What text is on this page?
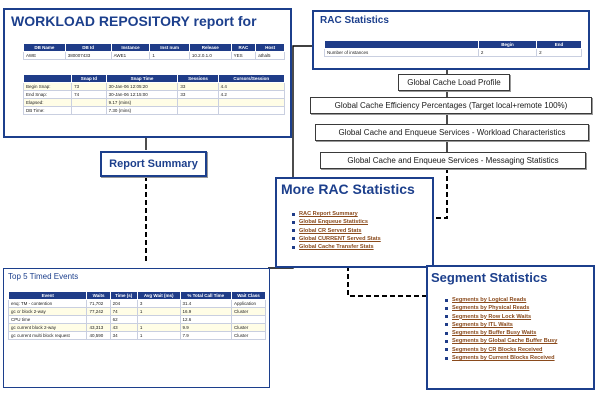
WORKLOAD REPOSITORY report for
DB Name	DB Id	Instance	Inst num	Release	RAC	Host
AWE	380007433	AWE1	1	10.2.0.1.0	YES	athal5
	Snap Id	Snap Time	Sessions	Cursors/Session
Begin Snap:	73	30-Jan-06 12:05:20	33	4.4
End Snap:	74	30-Jan-06 12:15:00	33	4.2
Elapsed:		9.17 (mins)		
DB Time:		7.30 (mins)		
Report Summary
RAC Statistics
	Begin	End
Number of instances	2	2
Global Cache Load Profile
Global Cache Efficiency Percentages (Target local+remote 100%)
Global Cache and Enqueue Services - Workload Characteristics
Global Cache and Enqueue Services - Messaging Statistics
More RAC Statistics
RAC Report Summary
Global Enqueue Statistics
Global CR Served Stats
Global CURRENT Served Stats
Global Cache Transfer Stats
Top 5 Timed Events
Event	Waits	Time (s)	Avg Wait (ms)	% Total Call Time	Wait Class
enq: TM - contention	71,702	204	3	31.4	Application
gc cr block 2-way	77,242	74	1	16.9	Cluster
CPU time		62		12.6	
gc current block 2-way	43,313	43	1	9.9	Cluster
gc current multi block request	40,590	34	1	7.9	Cluster
Segment Statistics
Segments by Logical Reads
Segments by Physical Reads
Segments by Row Lock Waits
Segments by ITL Waits
Segments by Buffer Busy Waits
Segments by Global Cache Buffer Busy
Segments by CR Blocks Received
Segments by Current Blocks Received
